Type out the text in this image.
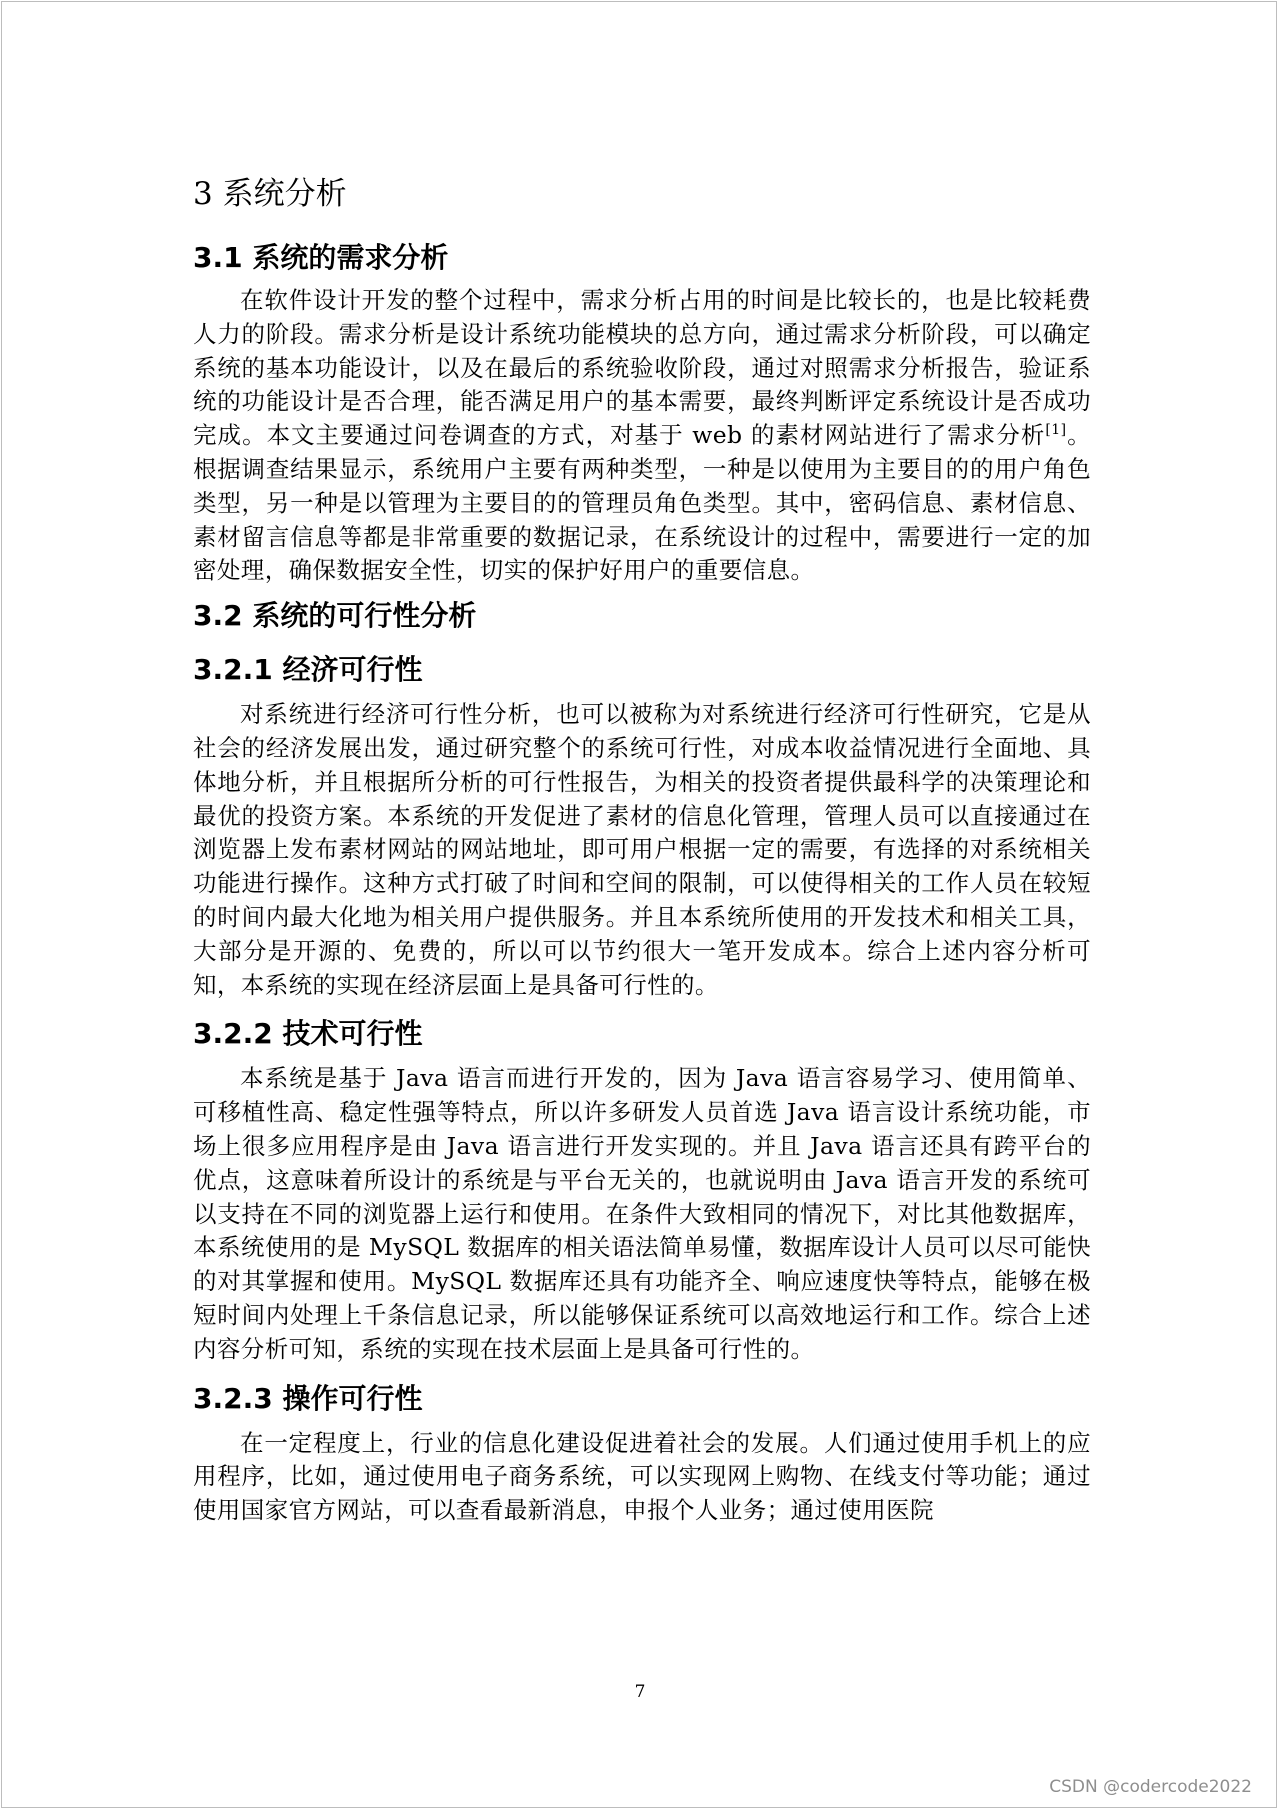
3 系统分析
3.1 系统的需求分析

在软件设计开发的整个过程中，需求分析占用的时间是比较长的，也是比较耗费人力的阶段。需求分析是设计系统功能模块的总方向，通过需求分析阶段，可以确定系统的基本功能设计，以及在最后的系统验收阶段，通过对照需求分析报告，验证系统的功能设计是否合理，能否满足用户的基本需要，最终判断评定系统设计是否成功完成。本文主要通过问卷调查的方式，对基于 web 的素材网站进行了需求分析[1]。根据调查结果显示，系统用户主要有两种类型，一种是以使用为主要目的的用户角色类型，另一种是以管理为主要目的的管理员角色类型。其中，密码信息、素材信息、素材留言信息等都是非常重要的数据记录，在系统设计的过程中，需要进行一定的加密处理，确保数据安全性，切实的保护好用户的重要信息。

3.2 系统的可行性分析
3.2.1 经济可行性

对系统进行经济可行性分析，也可以被称为对系统进行经济可行性研究，它是从社会的经济发展出发，通过研究整个的系统可行性，对成本收益情况进行全面地、具体地分析，并且根据所分析的可行性报告，为相关的投资者提供最科学的决策理论和最优的投资方案。本系统的开发促进了素材的信息化管理，管理人员可以直接通过在浏览器上发布素材网站的网站地址，即可用户根据一定的需要，有选择的对系统相关功能进行操作。这种方式打破了时间和空间的限制，可以使得相关的工作人员在较短的时间内最大化地为相关用户提供服务。并且本系统所使用的开发技术和相关工具，大部分是开源的、免费的，所以可以节约很大一笔开发成本。综合上述内容分析可知，本系统的实现在经济层面上是具备可行性的。

3.2.2 技术可行性

本系统是基于 Java 语言而进行开发的，因为 Java 语言容易学习、使用简单、可移植性高、稳定性强等特点，所以许多研发人员首选 Java 语言设计系统功能，市场上很多应用程序是由 Java 语言进行开发实现的。并且 Java 语言还具有跨平台的优点，这意味着所设计的系统是与平台无关的，也就说明由 Java 语言开发的系统可以支持在不同的浏览器上运行和使用。在条件大致相同的情况下，对比其他数据库，本系统使用的是 MySQL 数据库的相关语法简单易懂，数据库设计人员可以尽可能快的对其掌握和使用。MySQL 数据库还具有功能齐全、响应速度快等特点，能够在极短时间内处理上千条信息记录，所以能够保证系统可以高效地运行和工作。综合上述内容分析可知，系统的实现在技术层面上是具备可行性的。

3.2.3 操作可行性

在一定程度上，行业的信息化建设促进着社会的发展。人们通过使用手机上的应用程序，比如，通过使用电子商务系统，可以实现网上购物、在线支付等功能；通过使用国家官方网站，可以查看最新消息，申报个人业务；通过使用医院

7
CSDN @codercode2022
